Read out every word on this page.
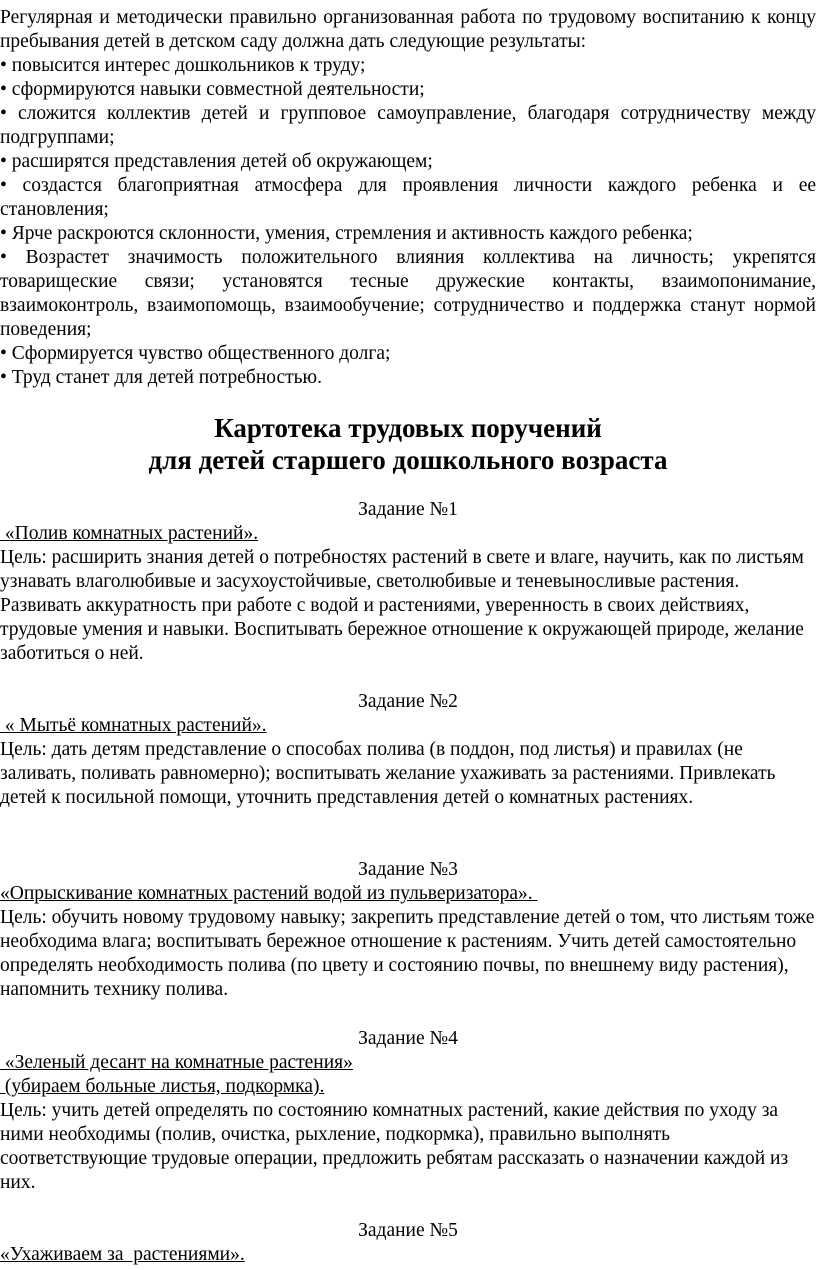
Регулярная и методически правильно организованная работа по трудовому воспитанию к концу пребывания детей в детском саду должна дать следующие результаты:

• повысится интерес дошкольников к труду;

• сформируются навыки совместной деятельности;

• сложится коллектив детей и групповое самоуправление, благодаря сотрудничеству между подгруппами;

• расширятся представления детей об окружающем;

• создастся благоприятная атмосфера для проявления личности каждого ребенка и ее становления;

• Ярче раскроются склонности, умения, стремления и активность каждого ребенка;

• Возрастет значимость положительного влияния коллектива на личность; укрепятся товарищеские связи; установятся тесные дружеские контакты, взаимопонимание, взаимоконтроль, взаимопомощь, взаимообучение; сотрудничество и поддержка станут нормой поведения;

• Сформируется чувство общественного долга;

• Труд станет для детей потребностью.

Картотека трудовых поручений
для детей старшего дошкольного возраста

Задание №1

«Полив комнатных растений».

Цель: расширить знания детей о потребностях растений в свете и влаге, научить, как по листьям узнавать влаголюбивые и засухоустойчивые, светолюбивые и теневыносливые растения. Развивать аккуратность при работе с водой и растениями, уверенность в своих действиях, трудовые умения и навыки. Воспитывать бережное отношение к окружающей природе, желание заботиться о ней.

Задание №2

« Мытьё комнатных растений».

Цель: дать детям представление о способах полива (в поддон, под листья) и правилах (не заливать, поливать равномерно); воспитывать желание ухаживать за растениями. Привлекать детей к посильной помощи, уточнить представления детей о комнатных растениях.

Задание №3

«Опрыскивание комнатных растений водой из пульверизатора».

Цель: обучить новому трудовому навыку; закрепить представление детей о том, что листьям тоже необходима влага; воспитывать бережное отношение к растениям. Учить детей самостоятельно определять необходимость полива (по цвету и состоянию почвы, по внешнему виду растения), напомнить технику полива.

Задание №4

«Зеленый десант на комнатные растения»

(убираем больные листья, подкормка).

Цель: учить детей определять по состоянию комнатных растений, какие действия по уходу за ними необходимы (полив, очистка, рыхление, подкормка), правильно выполнять соответствующие трудовые операции, предложить ребятам рассказать о назначении каждой из них.

Задание №5

«Ухаживаем за  растениями».
